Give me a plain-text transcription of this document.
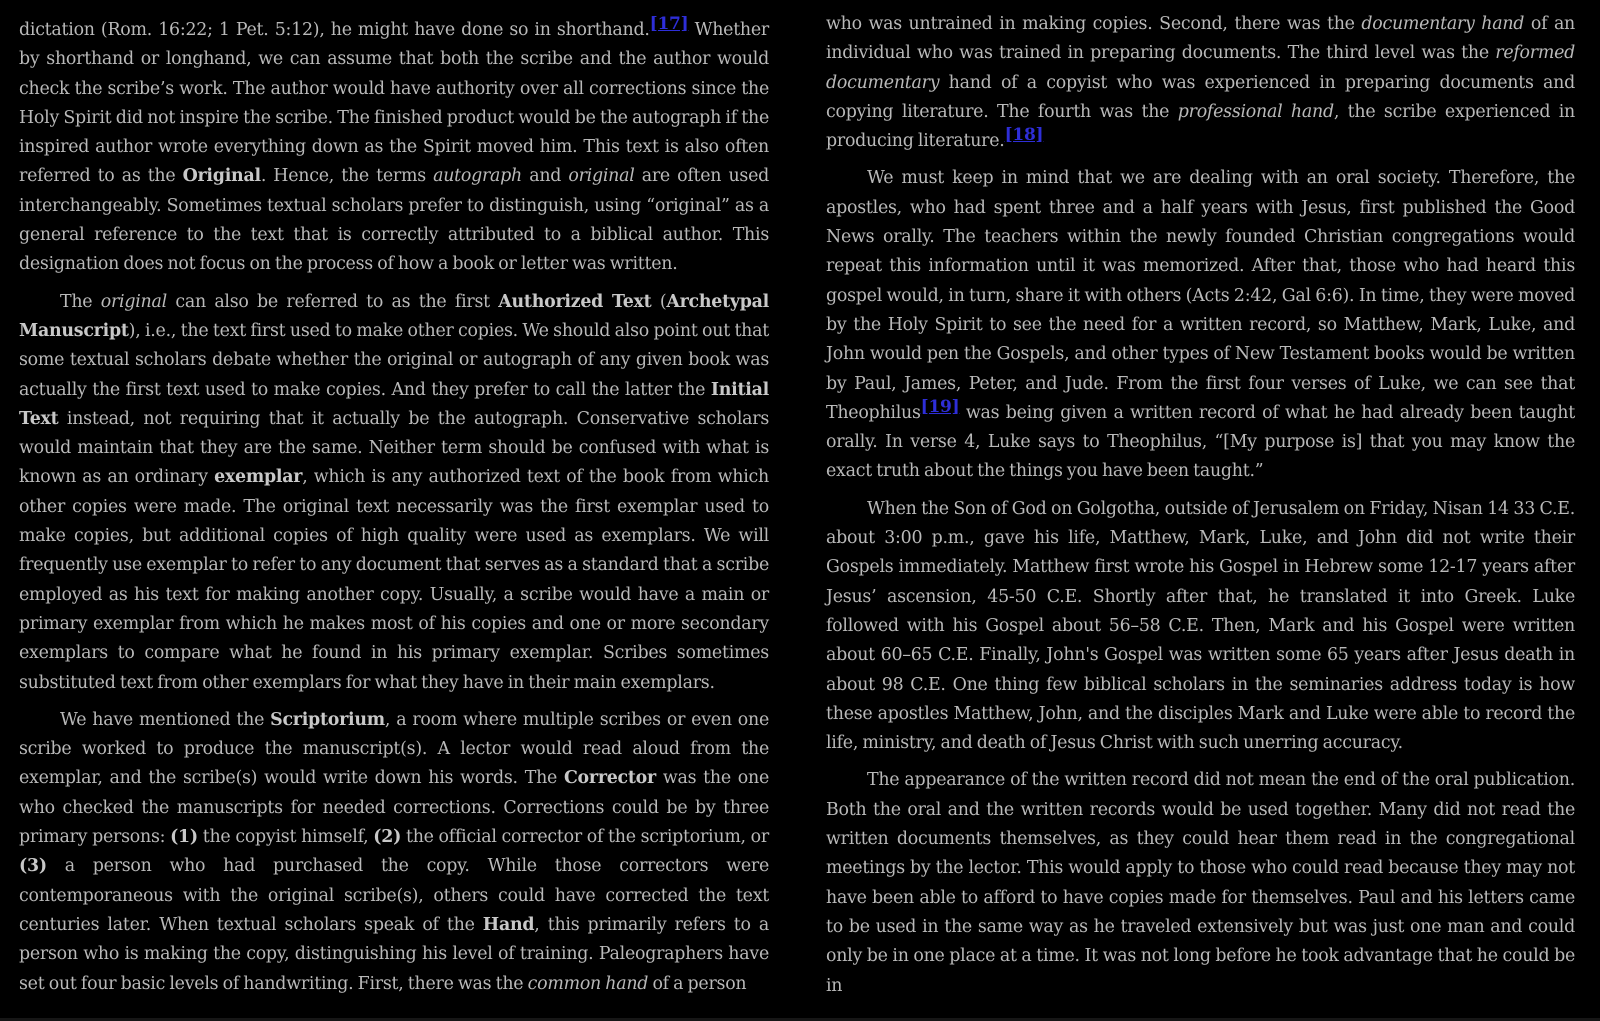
dictation (Rom. 16:22; 1 Pet. 5:12), he might have done so in shorthand.[17] Whether by shorthand or longhand, we can assume that both the scribe and the author would check the scribe’s work. The author would have authority over all corrections since the Holy Spirit did not inspire the scribe. The finished product would be the autograph if the inspired author wrote everything down as the Spirit moved him. This text is also often referred to as the Original. Hence, the terms autograph and original are often used interchangeably. Sometimes textual scholars prefer to distinguish, using “original” as a general reference to the text that is correctly attributed to a biblical author. This designation does not focus on the process of how a book or letter was written.

The original can also be referred to as the first Authorized Text (Archetypal Manuscript), i.e., the text first used to make other copies. We should also point out that some textual scholars debate whether the original or autograph of any given book was actually the first text used to make copies. And they prefer to call the latter the Initial Text instead, not requiring that it actually be the autograph. Conservative scholars would maintain that they are the same. Neither term should be confused with what is known as an ordinary exemplar, which is any authorized text of the book from which other copies were made. The original text necessarily was the first exemplar used to make copies, but additional copies of high quality were used as exemplars. We will frequently use exemplar to refer to any document that serves as a standard that a scribe employed as his text for making another copy. Usually, a scribe would have a main or primary exemplar from which he makes most of his copies and one or more secondary exemplars to compare what he found in his primary exemplar. Scribes sometimes substituted text from other exemplars for what they have in their main exemplars.

We have mentioned the Scriptorium, a room where multiple scribes or even one scribe worked to produce the manuscript(s). A lector would read aloud from the exemplar, and the scribe(s) would write down his words. The Corrector was the one who checked the manuscripts for needed corrections. Corrections could be by three primary persons: (1) the copyist himself, (2) the official corrector of the scriptorium, or (3) a person who had purchased the copy. While those correctors were contemporaneous with the original scribe(s), others could have corrected the text centuries later. When textual scholars speak of the Hand, this primarily refers to a person who is making the copy, distinguishing his level of training. Paleographers have set out four basic levels of handwriting. First, there was the common hand of a person

who was untrained in making copies. Second, there was the documentary hand of an individual who was trained in preparing documents. The third level was the reformed documentary hand of a copyist who was experienced in preparing documents and copying literature. The fourth was the professional hand, the scribe experienced in producing literature.[18]

We must keep in mind that we are dealing with an oral society. Therefore, the apostles, who had spent three and a half years with Jesus, first published the Good News orally. The teachers within the newly founded Christian congregations would repeat this information until it was memorized. After that, those who had heard this gospel would, in turn, share it with others (Acts 2:42, Gal 6:6). In time, they were moved by the Holy Spirit to see the need for a written record, so Matthew, Mark, Luke, and John would pen the Gospels, and other types of New Testament books would be written by Paul, James, Peter, and Jude. From the first four verses of Luke, we can see that Theophilus[19] was being given a written record of what he had already been taught orally. In verse 4, Luke says to Theophilus, “[My purpose is] that you may know the exact truth about the things you have been taught.”

When the Son of God on Golgotha, outside of Jerusalem on Friday, Nisan 14 33 C.E. about 3:00 p.m., gave his life, Matthew, Mark, Luke, and John did not write their Gospels immediately. Matthew first wrote his Gospel in Hebrew some 12-17 years after Jesus’ ascension, 45-50 C.E. Shortly after that, he translated it into Greek. Luke followed with his Gospel about 56–58 C.E. Then, Mark and his Gospel were written about 60–65 C.E. Finally, John's Gospel was written some 65 years after Jesus death in about 98 C.E. One thing few biblical scholars in the seminaries address today is how these apostles Matthew, John, and the disciples Mark and Luke were able to record the life, ministry, and death of Jesus Christ with such unerring accuracy.

The appearance of the written record did not mean the end of the oral publication. Both the oral and the written records would be used together. Many did not read the written documents themselves, as they could hear them read in the congregational meetings by the lector. This would apply to those who could read because they may not have been able to afford to have copies made for themselves. Paul and his letters came to be used in the same way as he traveled extensively but was just one man and could only be in one place at a time. It was not long before he took advantage that he could be in
